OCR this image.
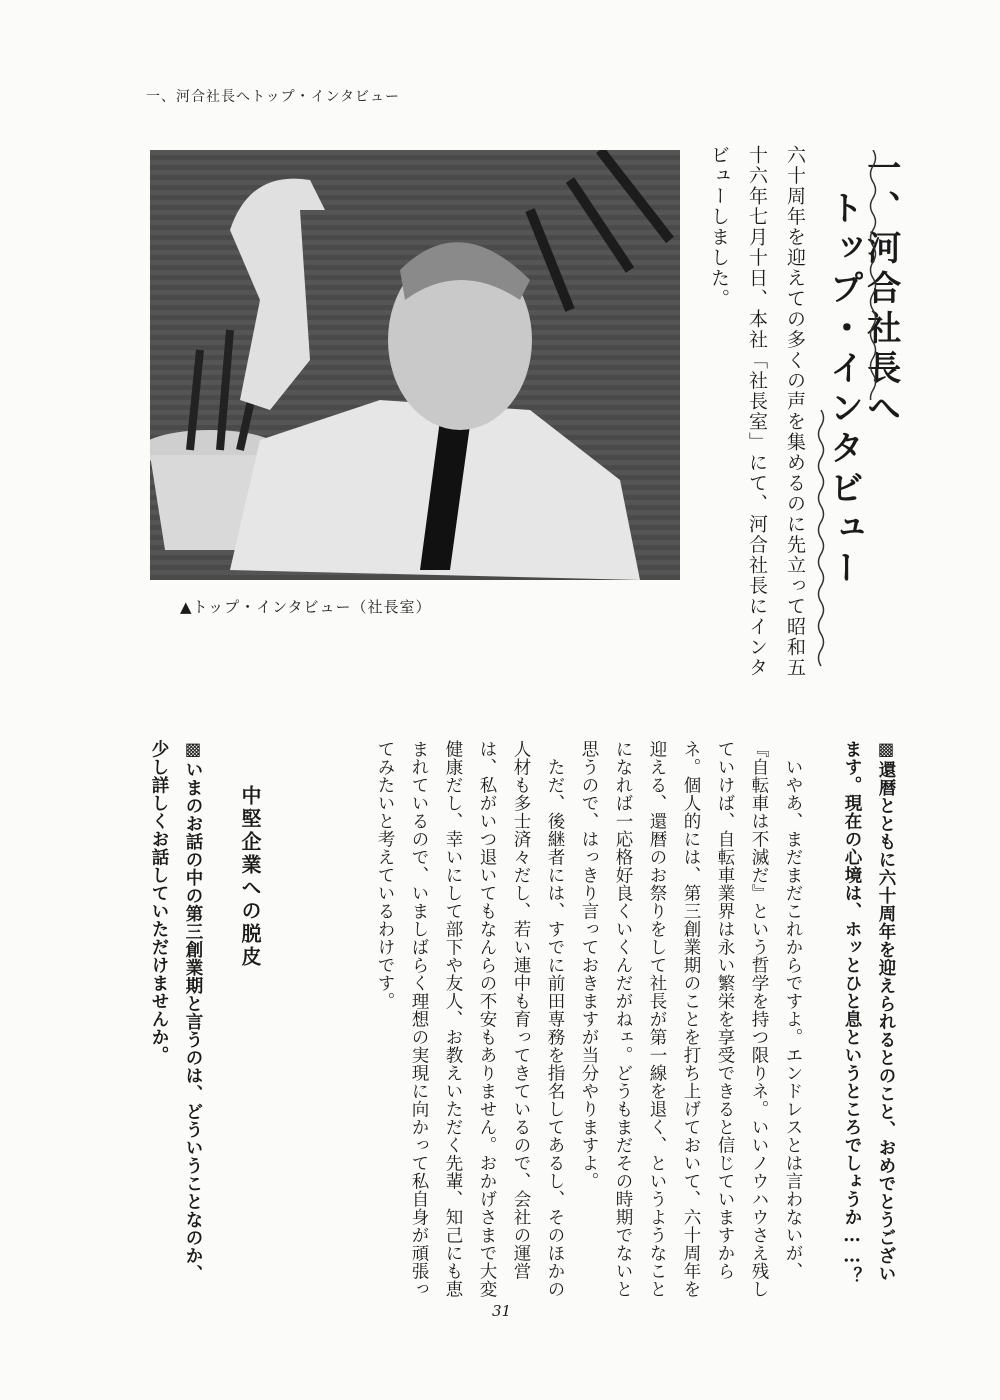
一、河合社長へトップ・インタビュー
▲トップ・インタビュー（社長室）
一、河合社長へ トップ・インタビュー
六十周年を迎えての多くの声を集めるのに先立って昭和五十六年七月十日、本社「社長室」にて、河合社長にインタビューしました。
▩還暦とともに六十周年を迎えられるとのこと、おめでとうございます。現在の心境は、ホッとひと息というところでしょうか……？

いやあ、まだまだこれからですよ。エンドレスとは言わないが、『自転車は不滅だ』という哲学を持つ限りネ。いいノウハウさえ残していけば、自転車業界は永い繁栄を享受できると信じていますからネ。個人的には、第三創業期のことを打ち上げておいて、六十周年を迎える、還暦のお祭りをして社長が第一線を退く、というようなことになれば一応格好良くいくんだがねェ。どうもまだその時期でないと思うので、はっきり言っておきますが当分やりますよ。

ただ、後継者には、すでに前田専務を指名してあるし、そのほかの人材も多士済々だし、若い連中も育ってきているので、会社の運営は、私がいつ退いてもなんらの不安もありません。おかげさまで大変健康だし、幸いにして部下や友人、お教えいただく先輩、知己にも恵まれているので、いましばらく理想の実現に向かって私自身が頑張ってみたいと考えているわけです。

中堅企業への脱皮
▩いまのお話の中の第三創業期と言うのは、どういうことなのか、少し詳しくお話していただけませんか。
31
